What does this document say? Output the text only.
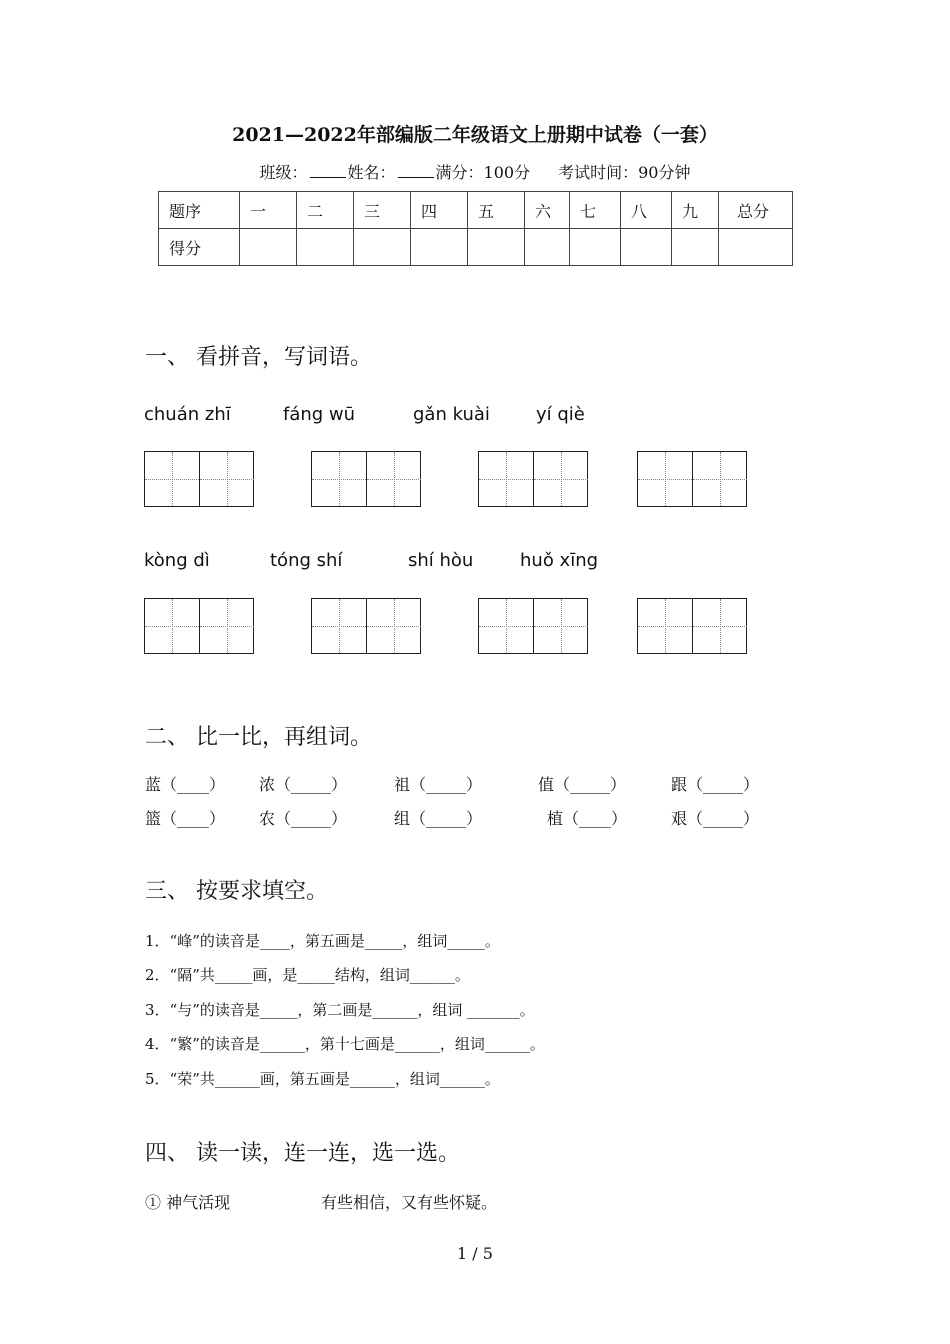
2021—2022年部编版二年级语文上册期中试卷（一套）
班级：	姓名：	满分：100分 考试时间：90分钟
题序	一	二	三	四	五	六	七	八	九	总分
得分										
一、 看拼音，写词语。
chuán zhī	fáng wū	gǎn kuài	yí qiè
kòng dì	tóng shí	shí hòu	huǒ xīng
二、 比一比，再组词。
蓝（____） 浓（_____）	祖（_____）	值（_____）	跟（_____）
篮（____） 农（_____）	组（_____）	植（____）	艰（_____）
三、 按要求填空。
1．“峰”的读音是____，第五画是_____，组词_____。
2．“隔”共_____画，是_____结构，组词______。
3．“与”的读音是_____，第二画是______，组词 _______。
4．“繁”的读音是______，第十七画是______，组词______。
5．“荣”共______画，第五画是______，组词______。
四、 读一读，连一连，选一选。
① 神气活现	有些相信，又有些怀疑。
1 / 5
